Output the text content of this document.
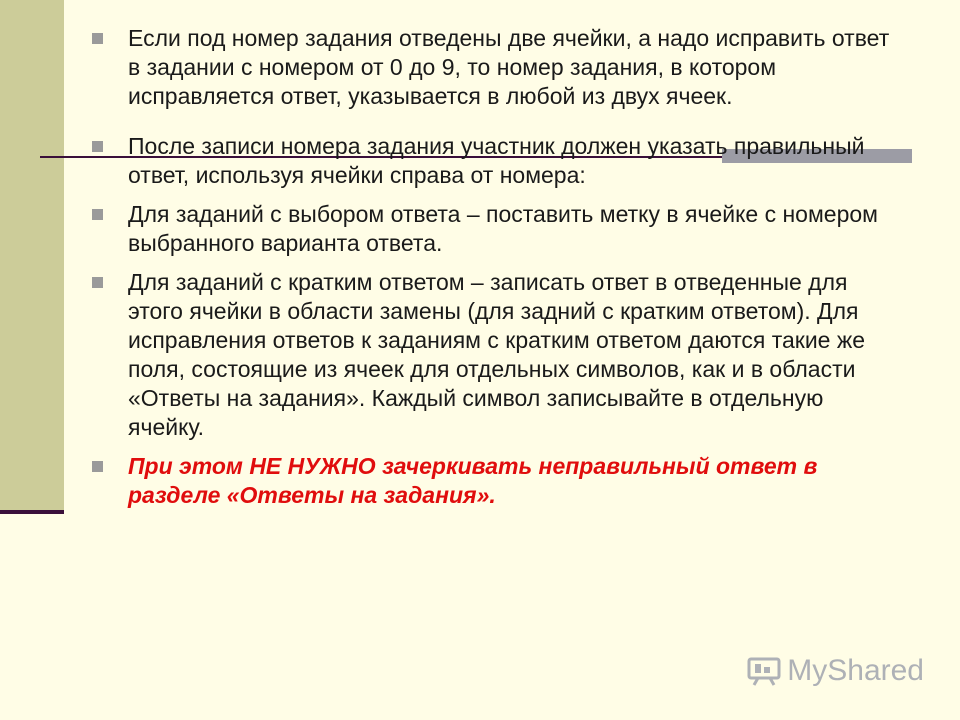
Если под номер задания отведены две ячейки, а надо исправить ответ в задании с номером от 0 до 9, то номер задания, в котором исправляется ответ, указывается в любой из двух ячеек.
После записи номера задания участник должен указать правильный ответ, используя ячейки справа от номера:
Для заданий с выбором ответа – поставить метку в ячейке с номером выбранного варианта ответа.
Для заданий с кратким ответом – записать ответ в отведенные для этого ячейки в области замены (для задний с кратким ответом). Для исправления ответов к заданиям с кратким ответом даются такие же поля, состоящие из ячеек для отдельных символов, как и в области «Ответы на задания». Каждый символ записывайте в отдельную ячейку.
При этом НЕ НУЖНО зачеркивать неправильный ответ в разделе «Ответы на задания».
MyShared
